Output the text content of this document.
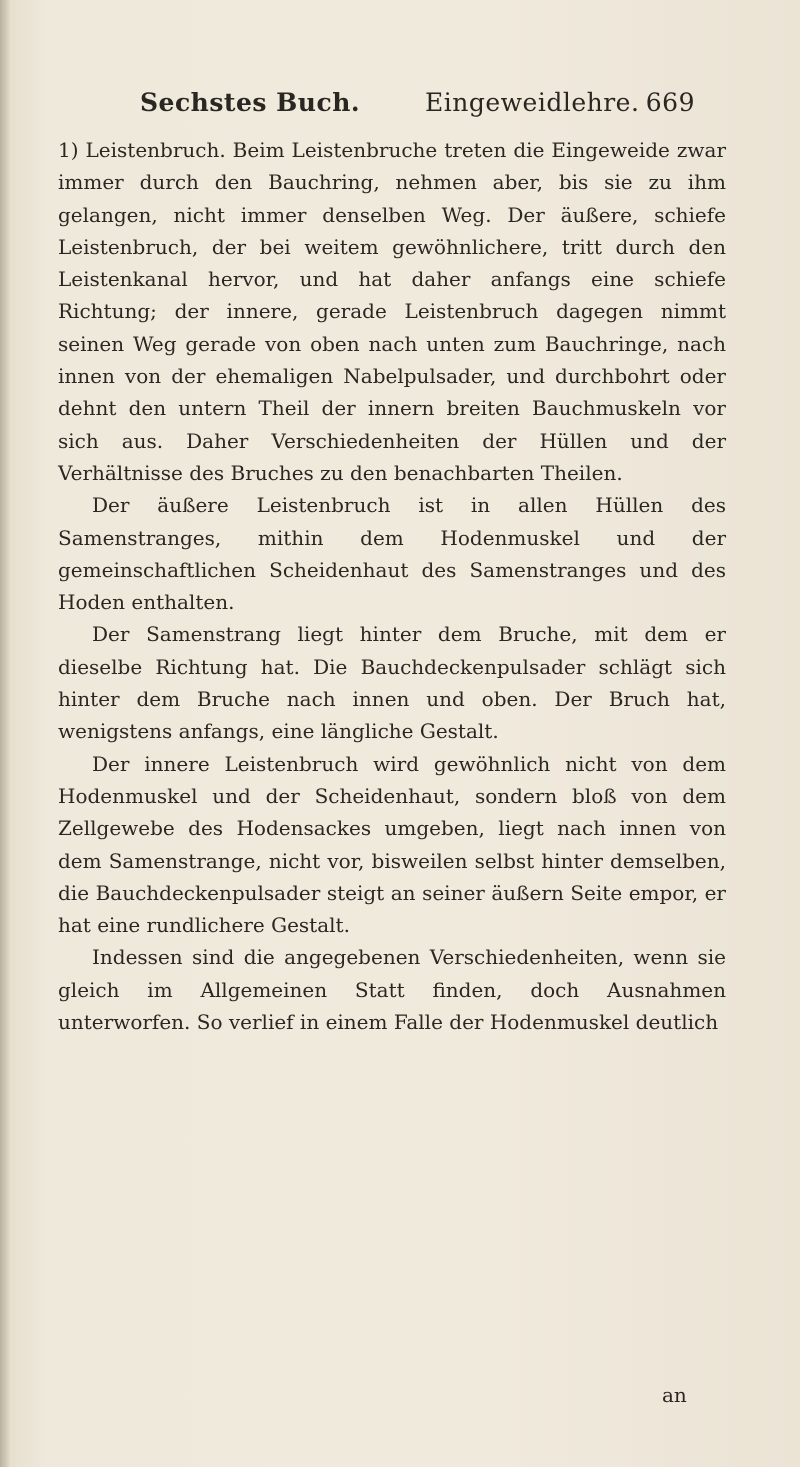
Sechstes Buch.	Eingeweidlehre. 669

1) Leistenbruch. Beim Leistenbruche treten die Eingeweide zwar immer durch den Bauchring, nehmen aber, bis sie zu ihm gelangen, nicht immer denselben Weg. Der äußere, schiefe Leistenbruch, der bei weitem gewöhnlichere, tritt durch den Leistenkanal hervor, und hat daher anfangs eine schiefe Richtung; der innere, gerade Leistenbruch dagegen nimmt seinen Weg gerade von oben nach unten zum Bauchringe, nach innen von der ehemaligen Nabelpulsader, und durchbohrt oder dehnt den untern Theil der innern breiten Bauchmuskeln vor sich aus. Daher Verschiedenheiten der Hüllen und der Verhältnisse des Bruches zu den benachbarten Theilen.

Der äußere Leistenbruch ist in allen Hüllen des Samenstranges, mithin dem Hodenmuskel und der gemeinschaftlichen Scheidenhaut des Samenstranges und des Hoden enthalten.

Der Samenstrang liegt hinter dem Bruche, mit dem er dieselbe Richtung hat. Die Bauchdeckenpulsader schlägt sich hinter dem Bruche nach innen und oben. Der Bruch hat, wenigstens anfangs, eine längliche Gestalt.

Der innere Leistenbruch wird gewöhnlich nicht von dem Hodenmuskel und der Scheidenhaut, sondern bloß von dem Zellgewebe des Hodensackes umgeben, liegt nach innen von dem Samenstrange, nicht vor, bisweilen selbst hinter demselben, die Bauchdeckenpulsader steigt an seiner äußern Seite empor, er hat eine rundlichere Gestalt.

Indessen sind die angegebenen Verschiedenheiten, wenn sie gleich im Allgemeinen Statt finden, doch Ausnahmen unterworfen. So verlief in einem Falle der Hodenmuskel deutlich

an
